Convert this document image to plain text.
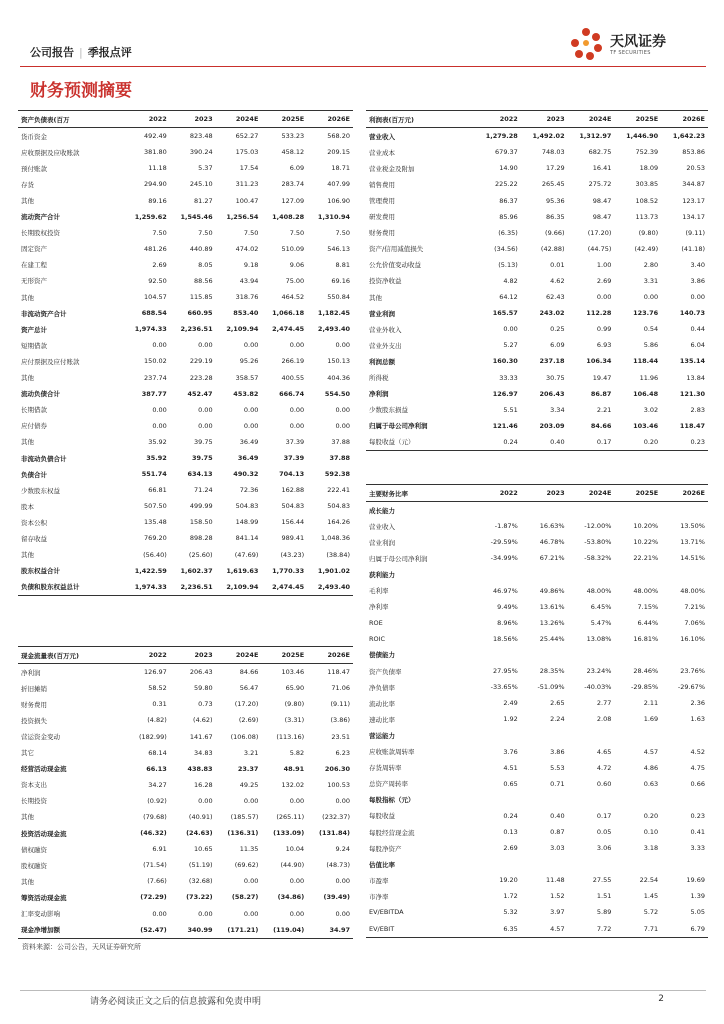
公司报告 | 季报点评
天风证券
TF SECURITIES
财务预测摘要
资产负债表(百万	2022	2023	2024E	2025E	2026E
货币资金	492.49	823.48	652.27	533.23	568.20
应收票据及应收账款	381.80	390.24	175.03	458.12	209.15
预付账款	11.18	5.37	17.54	6.09	18.71
存货	294.90	245.10	311.23	283.74	407.99
其他	89.16	81.27	100.47	127.09	106.90
流动资产合计	1,259.62	1,545.46	1,256.54	1,408.28	1,310.94
长期股权投资	7.50	7.50	7.50	7.50	7.50
固定资产	481.26	440.89	474.02	510.09	546.13
在建工程	2.69	8.05	9.18	9.06	8.81
无形资产	92.50	88.56	43.94	75.00	69.16
其他	104.57	115.85	318.76	464.52	550.84
非流动资产合计	688.54	660.95	853.40	1,066.18	1,182.45
资产总计	1,974.33	2,236.51	2,109.94	2,474.45	2,493.40
短期借款	0.00	0.00	0.00	0.00	0.00
应付票据及应付账款	150.02	229.19	95.26	266.19	150.13
其他	237.74	223.28	358.57	400.55	404.36
流动负债合计	387.77	452.47	453.82	666.74	554.50
长期借款	0.00	0.00	0.00	0.00	0.00
应付债券	0.00	0.00	0.00	0.00	0.00
其他	35.92	39.75	36.49	37.39	37.88
非流动负债合计	35.92	39.75	36.49	37.39	37.88
负债合计	551.74	634.13	490.32	704.13	592.38
少数股东权益	66.81	71.24	72.36	162.88	222.41
股本	507.50	499.99	504.83	504.83	504.83
资本公积	135.48	158.50	148.99	156.44	164.26
留存收益	769.20	898.28	841.14	989.41	1,048.36
其他	(56.40)	(25.60)	(47.69)	(43.23)	(38.84)
股东权益合计	1,422.59	1,602.37	1,619.63	1,770.33	1,901.02
负债和股东权益总计	1,974.33	2,236.51	2,109.94	2,474.45	2,493.40
利润表(百万元)	2022	2023	2024E	2025E	2026E
营业收入	1,279.28	1,492.02	1,312.97	1,446.90	1,642.23
营业成本	679.37	748.03	682.75	752.39	853.86
营业税金及附加	14.90	17.29	16.41	18.09	20.53
销售费用	225.22	265.45	275.72	303.85	344.87
管理费用	86.37	95.36	98.47	108.52	123.17
研发费用	85.96	86.35	98.47	113.73	134.17
财务费用	(6.35)	(9.66)	(17.20)	(9.80)	(9.11)
资产/信用减值损失	(34.56)	(42.88)	(44.75)	(42.49)	(41.18)
公允价值变动收益	(5.13)	0.01	1.00	2.80	3.40
投资净收益	4.82	4.62	2.69	3.31	3.86
其他	64.12	62.43	0.00	0.00	0.00
营业利润	165.57	243.02	112.28	123.76	140.73
营业外收入	0.00	0.25	0.99	0.54	0.44
营业外支出	5.27	6.09	6.93	5.86	6.04
利润总额	160.30	237.18	106.34	118.44	135.14
所得税	33.33	30.75	19.47	11.96	13.84
净利润	126.97	206.43	86.87	106.48	121.30
少数股东损益	5.51	3.34	2.21	3.02	2.83
归属于母公司净利润	121.46	203.09	84.66	103.46	118.47
每股收益（元）	0.24	0.40	0.17	0.20	0.23
现金流量表(百万元)	2022	2023	2024E	2025E	2026E
净利润	126.97	206.43	84.66	103.46	118.47
折旧摊销	58.52	59.80	56.47	65.90	71.06
财务费用	0.31	0.73	(17.20)	(9.80)	(9.11)
投资损失	(4.82)	(4.62)	(2.69)	(3.31)	(3.86)
营运资金变动	(182.99)	141.67	(106.08)	(113.16)	23.51
其它	68.14	34.83	3.21	5.82	6.23
经营活动现金流	66.13	438.83	23.37	48.91	206.30
资本支出	34.27	16.28	49.25	132.02	100.53
长期投资	(0.92)	0.00	0.00	0.00	0.00
其他	(79.68)	(40.91)	(185.57)	(265.11)	(232.37)
投资活动现金流	(46.32)	(24.63)	(136.31)	(133.09)	(131.84)
债权融资	6.91	10.65	11.35	10.04	9.24
股权融资	(71.54)	(51.19)	(69.62)	(44.90)	(48.73)
其他	(7.66)	(32.68)	0.00	0.00	0.00
筹资活动现金流	(72.29)	(73.22)	(58.27)	(34.86)	(39.49)
汇率变动影响	0.00	0.00	0.00	0.00	0.00
现金净增加额	(52.47)	340.99	(171.21)	(119.04)	34.97
主要财务比率	2022	2023	2024E	2025E	2026E
成长能力					
营业收入	-1.87%	16.63%	-12.00%	10.20%	13.50%
营业利润	-29.59%	46.78%	-53.80%	10.22%	13.71%
归属于母公司净利润	-34.99%	67.21%	-58.32%	22.21%	14.51%
获利能力					
毛利率	46.97%	49.86%	48.00%	48.00%	48.00%
净利率	9.49%	13.61%	6.45%	7.15%	7.21%
ROE	8.96%	13.26%	5.47%	6.44%	7.06%
ROIC	18.56%	25.44%	13.08%	16.81%	16.10%
偿债能力					
资产负债率	27.95%	28.35%	23.24%	28.46%	23.76%
净负债率	-33.65%	-51.09%	-40.03%	-29.85%	-29.67%
流动比率	2.49	2.65	2.77	2.11	2.36
速动比率	1.92	2.24	2.08	1.69	1.63
营运能力					
应收账款周转率	3.76	3.86	4.65	4.57	4.52
存货周转率	4.51	5.53	4.72	4.86	4.75
总资产周转率	0.65	0.71	0.60	0.63	0.66
每股指标（元）					
每股收益	0.24	0.40	0.17	0.20	0.23
每股经营现金流	0.13	0.87	0.05	0.10	0.41
每股净资产	2.69	3.03	3.06	3.18	3.33
估值比率					
市盈率	19.20	11.48	27.55	22.54	19.69
市净率	1.72	1.52	1.51	1.45	1.39
EV/EBITDA	5.32	3.97	5.89	5.72	5.05
EV/EBIT	6.35	4.57	7.72	7.71	6.79
资料来源：公司公告，天风证券研究所
请务必阅读正文之后的信息披露和免责申明	2
